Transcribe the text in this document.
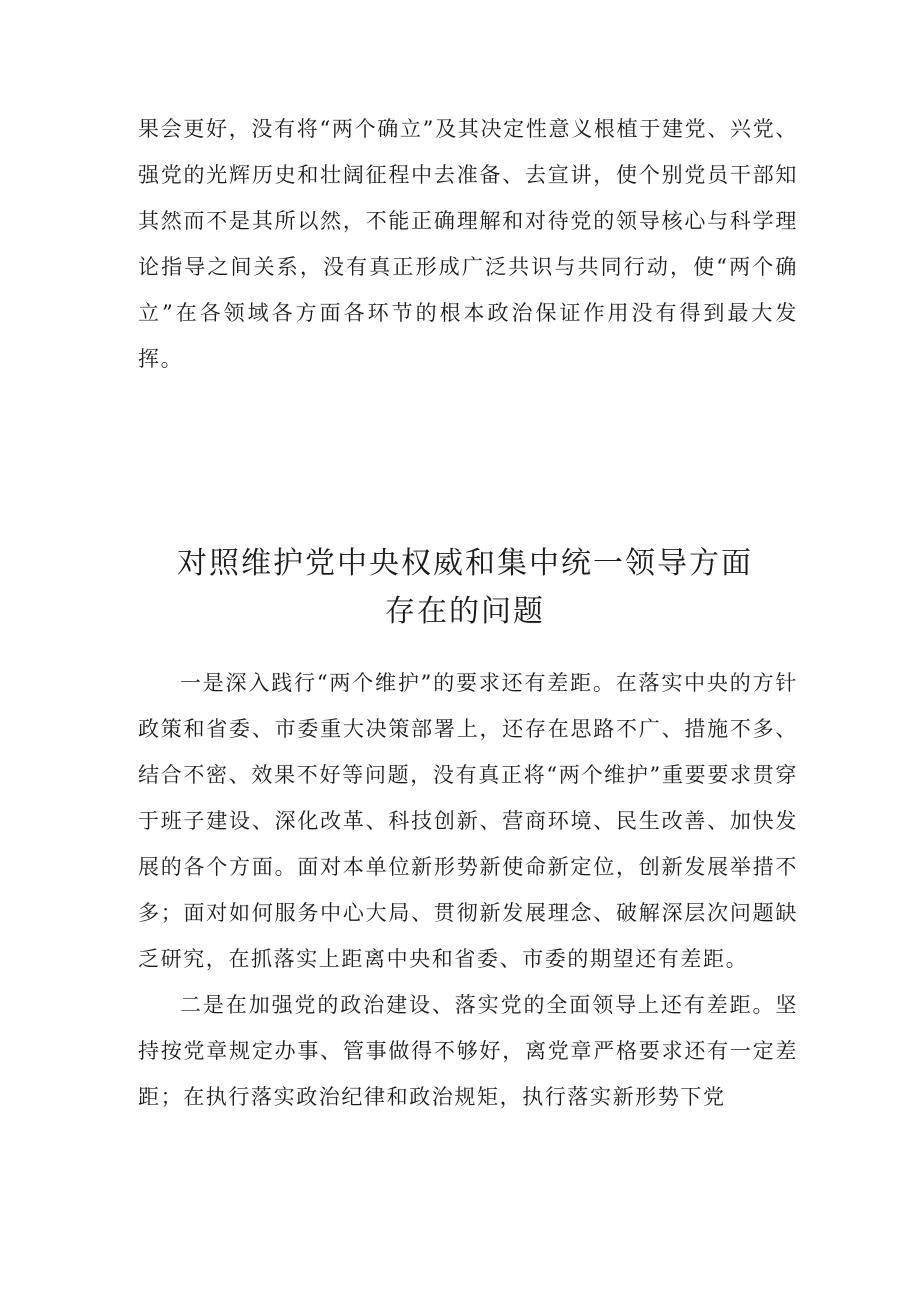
果会更好，没有将“两个确立”及其决定性意义根植于建党、兴党、强党的光辉历史和壮阔征程中去准备、去宣讲，使个别党员干部知其然而不是其所以然，不能正确理解和对待党的领导核心与科学理论指导之间关系，没有真正形成广泛共识与共同行动，使“两个确立”在各领域各方面各环节的根本政治保证作用没有得到最大发挥。

对照维护党中央权威和集中统一领导方面
存在的问题

一是深入践行“两个维护”的要求还有差距。在落实中央的方针政策和省委、市委重大决策部署上，还存在思路不广、措施不多、结合不密、效果不好等问题，没有真正将“两个维护”重要要求贯穿于班子建设、深化改革、科技创新、营商环境、民生改善、加快发展的各个方面。面对本单位新形势新使命新定位，创新发展举措不多；面对如何服务中心大局、贯彻新发展理念、破解深层次问题缺乏研究，在抓落实上距离中央和省委、市委的期望还有差距。

二是在加强党的政治建设、落实党的全面领导上还有差距。坚持按党章规定办事、管事做得不够好，离党章严格要求还有一定差距；在执行落实政治纪律和政治规矩，执行落实新形势下党
